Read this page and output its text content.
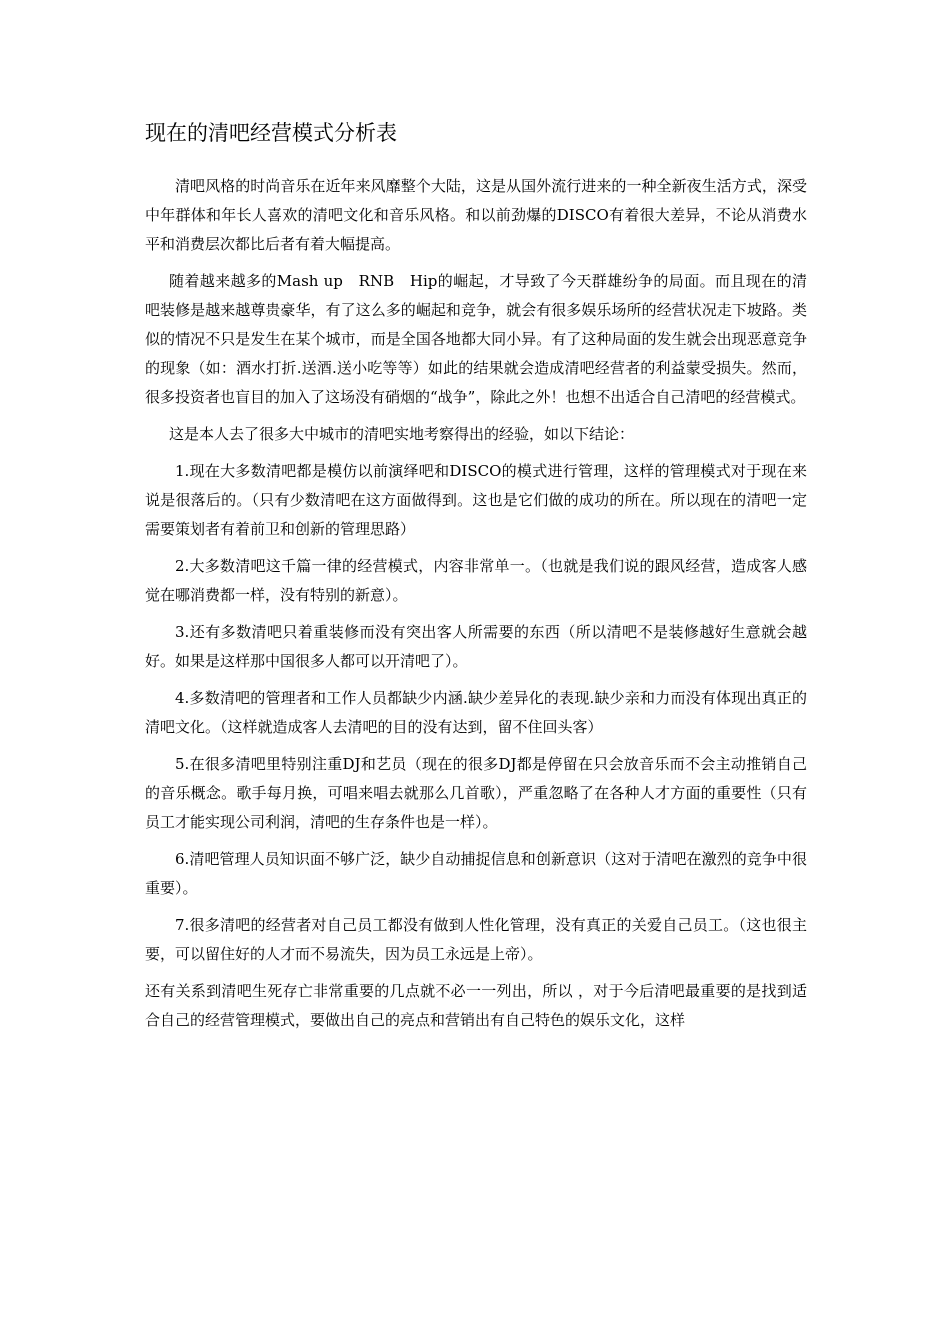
现在的清吧经营模式分析表

清吧风格的时尚音乐在近年来风靡整个大陆，这是从国外流行进来的一种全新夜生活方式，深受中年群体和年长人喜欢的清吧文化和音乐风格。和以前劲爆的DISCO有着很大差异，不论从消费水平和消费层次都比后者有着大幅提高。

随着越来越多的Mash up　RNB　Hip的崛起，才导致了今天群雄纷争的局面。而且现在的清吧装修是越来越尊贵豪华，有了这么多的崛起和竞争，就会有很多娱乐场所的经营状况走下坡路。类似的情况不只是发生在某个城市，而是全国各地都大同小异。有了这种局面的发生就会出现恶意竞争的现象（如：酒水打折.送酒.送小吃等等）如此的结果就会造成清吧经营者的利益蒙受损失。然而，很多投资者也盲目的加入了这场没有硝烟的“战争”，除此之外！也想不出适合自己清吧的经营模式。

这是本人去了很多大中城市的清吧实地考察得出的经验，如以下结论：

1.现在大多数清吧都是模仿以前演绎吧和DISCO的模式进行管理，这样的管理模式对于现在来说是很落后的。（只有少数清吧在这方面做得到。这也是它们做的成功的所在。所以现在的清吧一定需要策划者有着前卫和创新的管理思路）

2.大多数清吧这千篇一律的经营模式，内容非常单一。（也就是我们说的跟风经营，造成客人感觉在哪消费都一样，没有特别的新意）。

3.还有多数清吧只着重装修而没有突出客人所需要的东西（所以清吧不是装修越好生意就会越好。如果是这样那中国很多人都可以开清吧了）。

4.多数清吧的管理者和工作人员都缺少内涵.缺少差异化的表现.缺少亲和力而没有体现出真正的清吧文化。（这样就造成客人去清吧的目的没有达到，留不住回头客）

5.在很多清吧里特别注重DJ和艺员（现在的很多DJ都是停留在只会放音乐而不会主动推销自己的音乐概念。歌手每月换，可唱来唱去就那么几首歌），严重忽略了在各种人才方面的重要性（只有员工才能实现公司利润，清吧的生存条件也是一样）。

6.清吧管理人员知识面不够广泛，缺少自动捕捉信息和创新意识（这对于清吧在激烈的竞争中很重要）。

7.很多清吧的经营者对自己员工都没有做到人性化管理，没有真正的关爱自己员工。（这也很主要，可以留住好的人才而不易流失，因为员工永远是上帝）。

还有关系到清吧生死存亡非常重要的几点就不必一一列出，所以 ，对于今后清吧最重要的是找到适合自己的经营管理模式，要做出自己的亮点和营销出有自己特色的娱乐文化，这样
